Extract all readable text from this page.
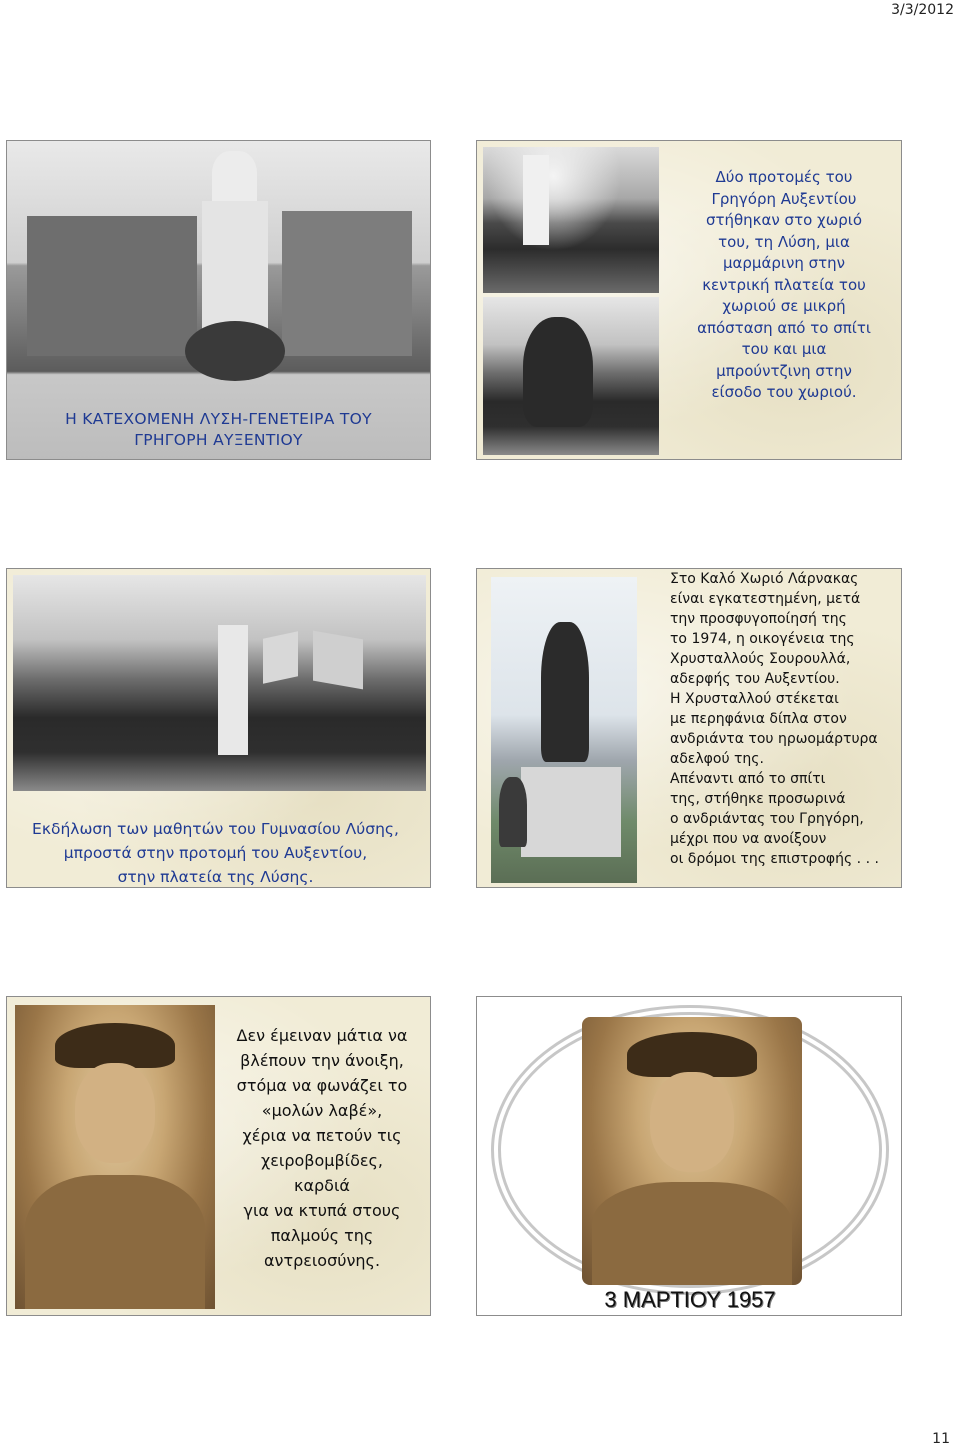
3/3/2012
Η ΚΑΤΕΧΟΜΕΝΗ ΛΥΣΗ-ΓΕΝΕΤΕΙΡΑ ΤΟΥ
ΓΡΗΓΟΡΗ ΑΥΞΕΝΤΙΟΥ
Δύο προτομές του
Γρηγόρη Αυξεντίου
στήθηκαν στο χωριό
του, τη Λύση, μια
μαρμάρινη στην
κεντρική πλατεία του
χωριού σε μικρή
απόσταση από το σπίτι
του και μια
μπρούντζινη στην
είσοδο του χωριού.
Εκδήλωση των μαθητών του Γυμνασίου Λύσης,
μπροστά στην προτομή του Αυξεντίου,
στην πλατεία της Λύσης.
Στο Καλό Χωριό Λάρνακας
είναι εγκατεστημένη, μετά
την προσφυγοποίησή της
το 1974, η οικογένεια της
Χρυσταλλούς Σουρουλλά,
αδερφής του Αυξεντίου.
Η Χρυσταλλού στέκεται
με περηφάνια δίπλα στον
ανδριάντα του ηρωομάρτυρα
αδελφού της.
Απέναντι από το σπίτι
της, στήθηκε προσωρινά
ο ανδριάντας του Γρηγόρη,
μέχρι που να ανοίξουν
οι δρόμοι της επιστροφής . . .
Δεν έμειναν μάτια να
βλέπουν την άνοιξη,
στόμα να φωνάζει το
«μολών λαβέ»,
χέρια να πετούν τις
χειροβομβίδες,
καρδιά
για να κτυπά στους
παλμούς της
αντρειοσύνης.
3 ΜΑΡΤΙΟΥ 1957
11
